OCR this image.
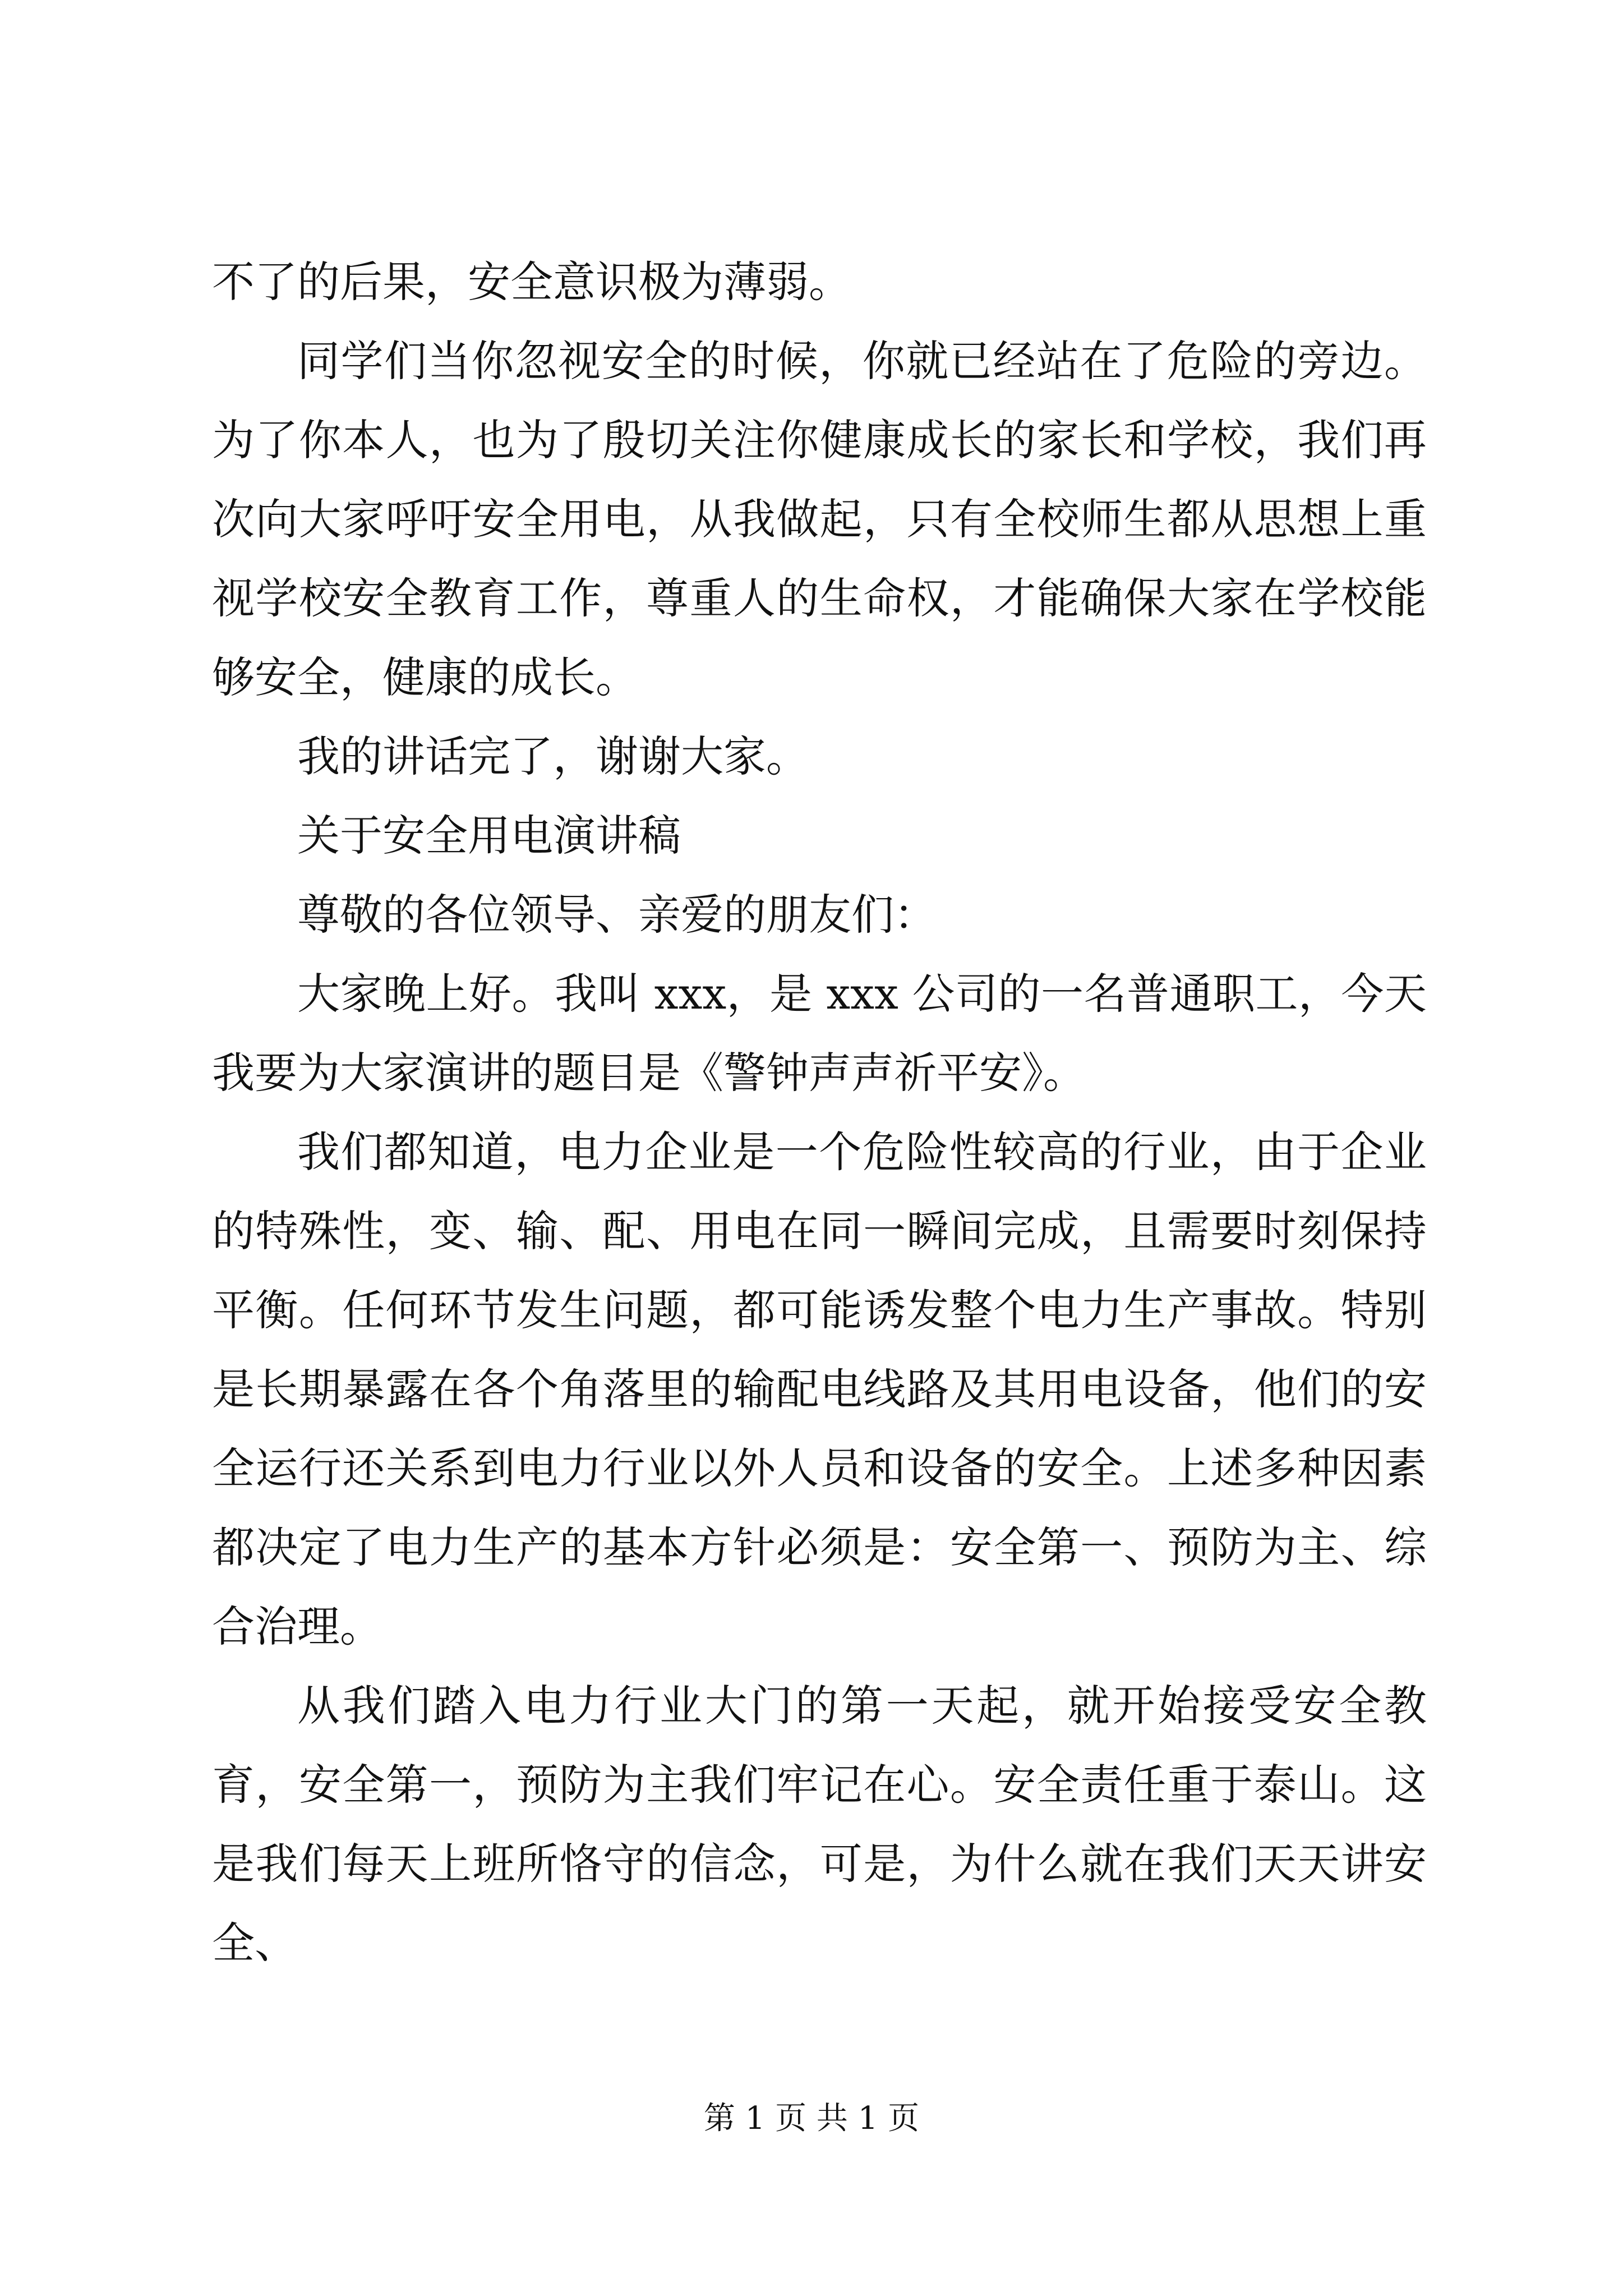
不了的后果，安全意识极为薄弱。

同学们当你忽视安全的时候，你就已经站在了危险的旁边。为了你本人，也为了殷切关注你健康成长的家长和学校，我们再次向大家呼吁安全用电，从我做起，只有全校师生都从思想上重视学校安全教育工作，尊重人的生命权，才能确保大家在学校能够安全，健康的成长。

我的讲话完了，谢谢大家。

关于安全用电演讲稿

尊敬的各位领导、亲爱的朋友们：

大家晚上好。我叫 xxx，是 xxx 公司的一名普通职工，今天我要为大家演讲的题目是《警钟声声祈平安》。

我们都知道，电力企业是一个危险性较高的行业，由于企业的特殊性，变、输、配、用电在同一瞬间完成，且需要时刻保持平衡。任何环节发生问题，都可能诱发整个电力生产事故。特别是长期暴露在各个角落里的输配电线路及其用电设备，他们的安全运行还关系到电力行业以外人员和设备的安全。上述多种因素都决定了电力生产的基本方针必须是：安全第一、预防为主、综合治理。

从我们踏入电力行业大门的第一天起，就开始接受安全教育，安全第一，预防为主我们牢记在心。安全责任重于泰山。这是我们每天上班所恪守的信念，可是，为什么就在我们天天讲安全、

第 1 页 共 1 页
